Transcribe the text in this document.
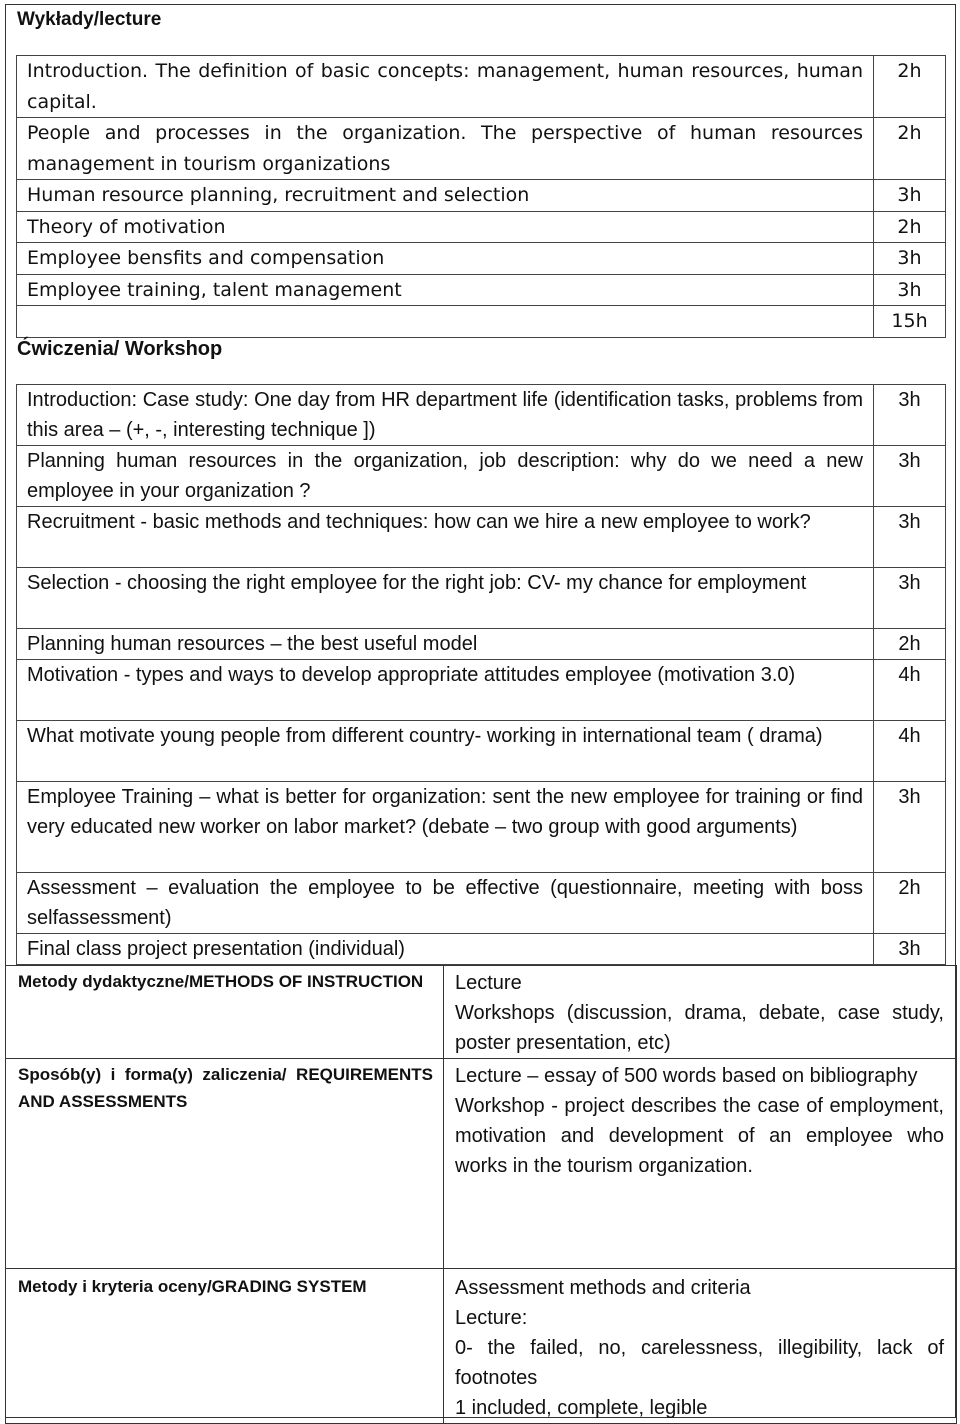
Wykłady/lecture
Introduction. The definition of basic concepts: management, human resources, human capital.	2h
People and processes in the organization. The perspective of human resources management in tourism organizations	2h
Human resource planning, recruitment and selection	3h
Theory of motivation	2h
Employee bensfits and compensation	3h
Employee training, talent management	3h
	15h
Ćwiczenia/ Workshop
Introduction: Case study: One day from HR department life (identification tasks, problems from this area – (+, -, interesting technique ])	3h
Planning human resources in the organization, job description: why do we need a new employee in your organization ?	3h
Recruitment - basic methods and techniques: how can we hire a new employee to work?	3h
Selection - choosing the right employee for the right job: CV- my chance for employment	3h
Planning human resources – the best useful model	2h
Motivation - types and ways to develop appropriate attitudes employee (motivation 3.0)	4h
What motivate young people from different country- working in international team ( drama)	4h
Employee Training – what is better for organization: sent the new employee for training or find very educated new worker on labor market? (debate – two group with good arguments)	3h
Assessment – evaluation the employee to be effective (questionnaire, meeting with boss selfassessment)	2h
Final class project presentation (individual)	3h
Metody dydaktyczne/METHODS OF INSTRUCTION	Lecture
Workshops (discussion, drama, debate, case study, poster presentation, etc)

Sposób(y) i forma(y) zaliczenia/ REQUIREMENTS AND ASSESSMENTS	Lecture – essay of 500 words based on bibliography
Workshop - project describes the case of employment, motivation and development of an employee who works in the tourism organization.

Metody i kryteria oceny/GRADING SYSTEM	Assessment methods and criteria
Lecture:
0- the failed, no, carelessness, illegibility, lack of footnotes
1 included, complete, legible
